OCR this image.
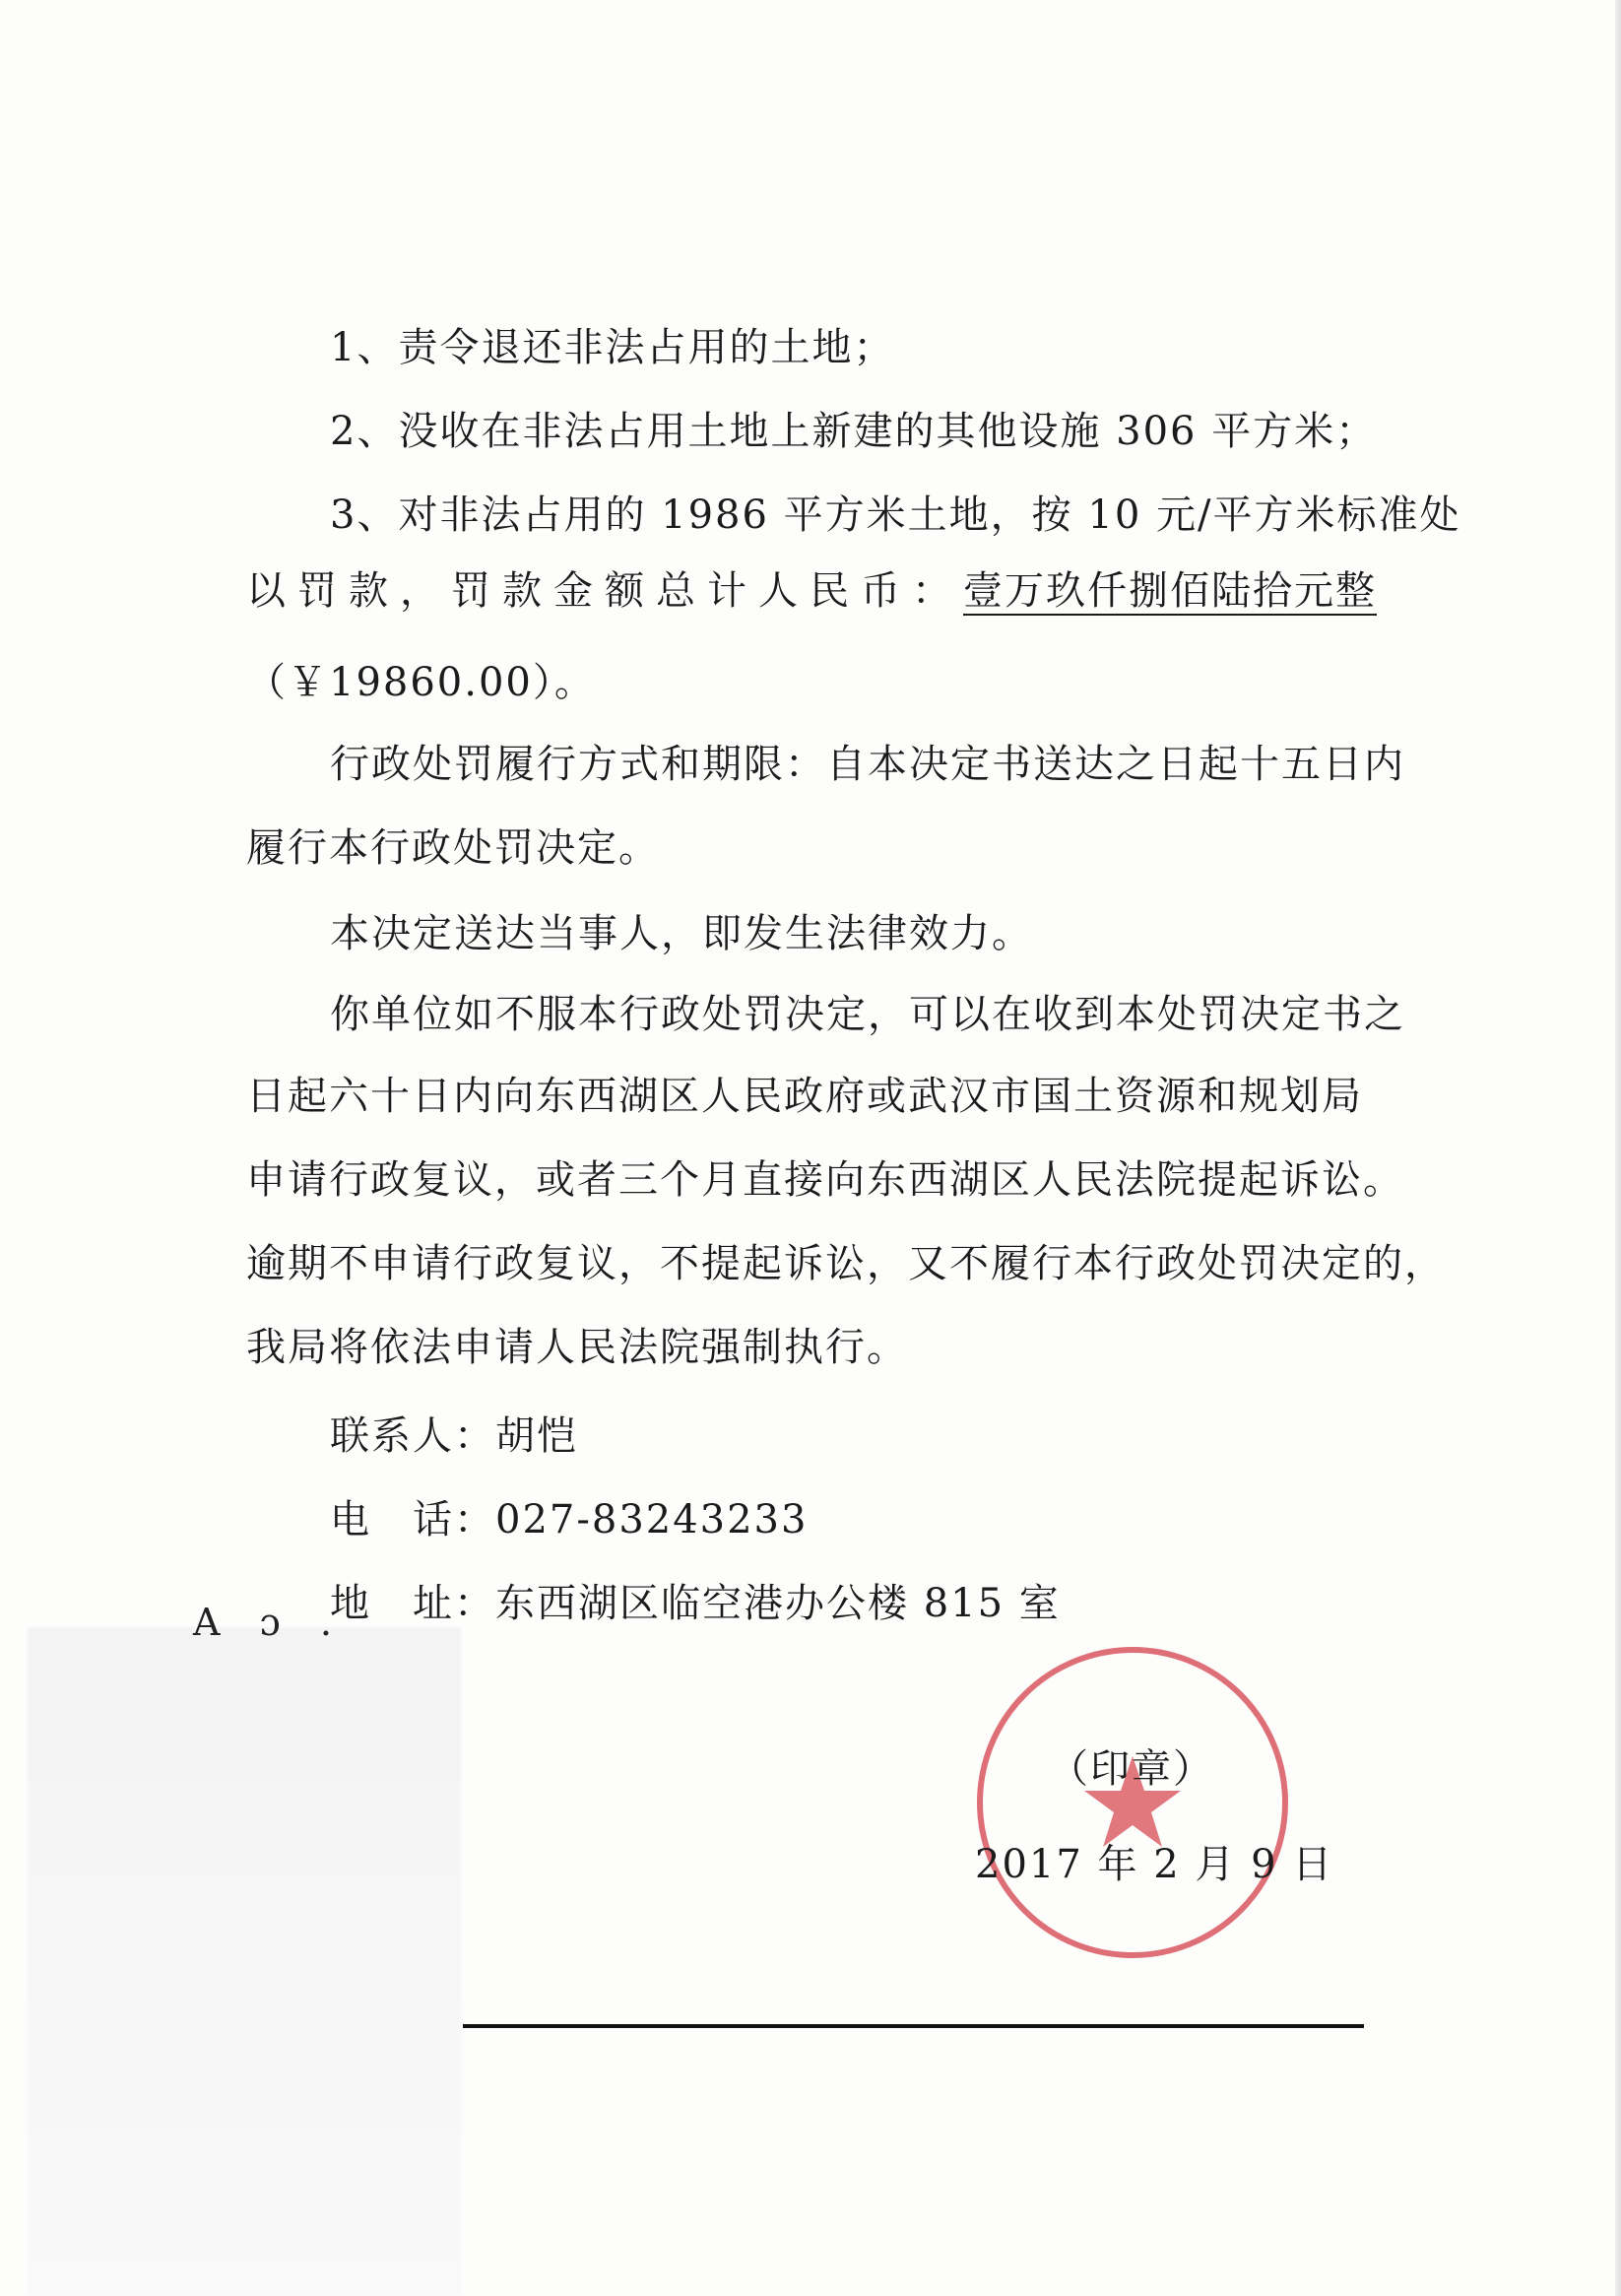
1、责令退还非法占用的土地；
2、没收在非法占用土地上新建的其他设施 306 平方米；
3、对非法占用的 1986 平方米土地，按 10 元/平方米标准处
以罚款，罚款金额总计人民币：壹万玖仟捌佰陆拾元整
（￥19860.00）。
行政处罚履行方式和期限：自本决定书送达之日起十五日内
履行本行政处罚决定。
本决定送达当事人，即发生法律效力。
你单位如不服本行政处罚决定，可以在收到本处罚决定书之
日起六十日内向东西湖区人民政府或武汉市国土资源和规划局
申请行政复议，或者三个月直接向东西湖区人民法院提起诉讼。
逾期不申请行政复议，不提起诉讼，又不履行本行政处罚决定的，
我局将依法申请人民法院强制执行。
联系人：胡恺
电　话：027-83243233
地　址：东西湖区临空港办公楼 815 室
A ɔ .
（印章）
2017 年 2 月 9 日
